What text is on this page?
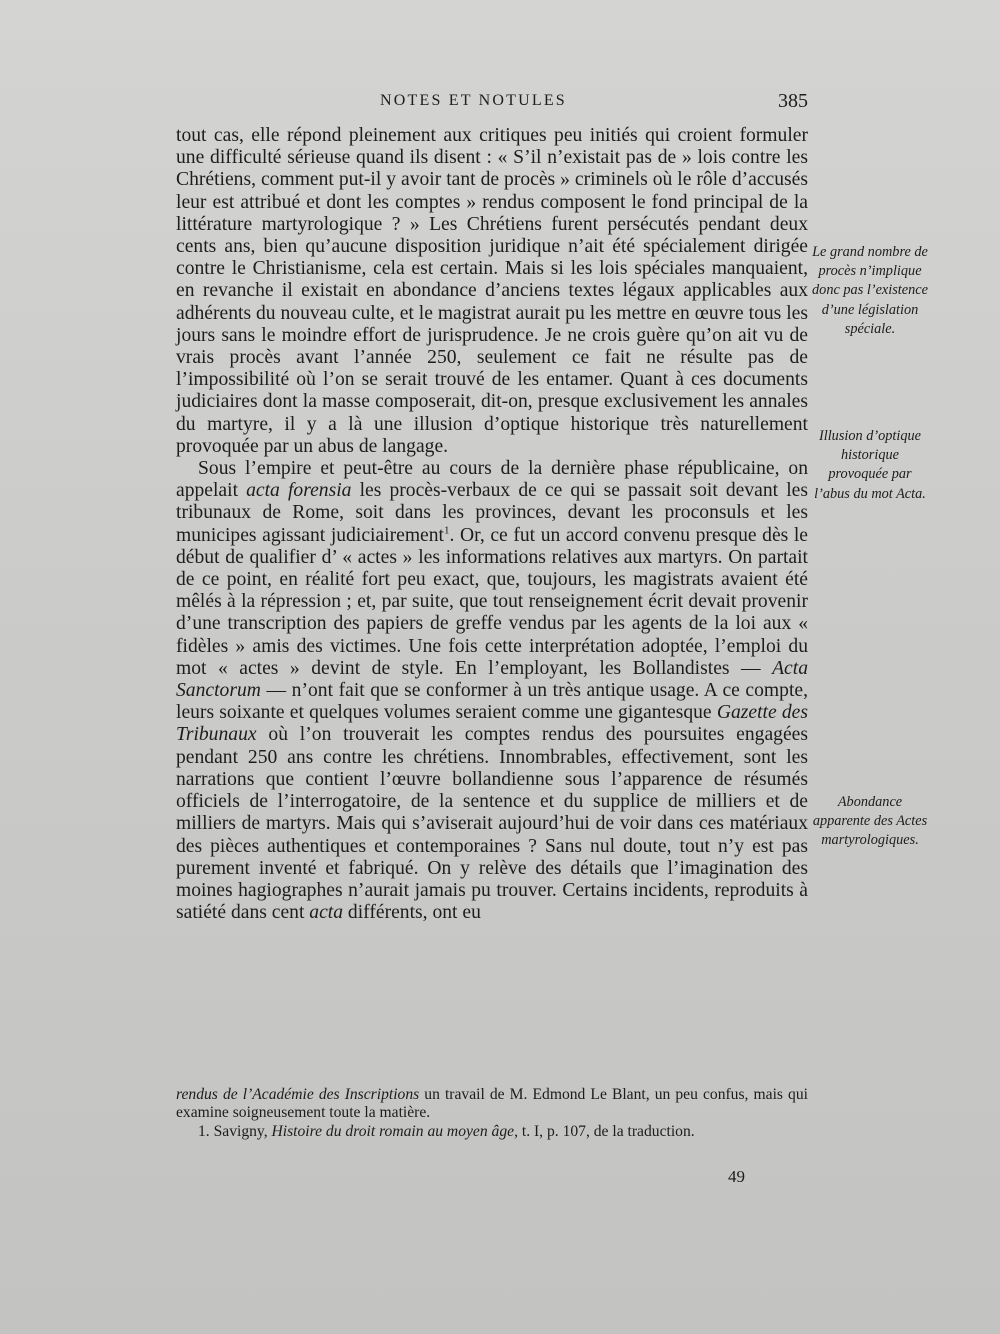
NOTES ET NOTULES	385

tout cas, elle répond pleinement aux critiques peu initiés qui croient formuler une difficulté sérieuse quand ils disent : « S’il n’existait pas de » lois contre les Chrétiens, comment put-il y avoir tant de procès » criminels où le rôle d’accusés leur est attribué et dont les comptes » rendus composent le fond principal de la littérature martyrologique ? » Les Chrétiens furent persécutés pendant deux cents ans, bien qu’aucune disposition juridique n’ait été spécialement dirigée contre le Christianisme, cela est certain. Mais si les lois spéciales manquaient, en revanche il existait en abondance d’anciens textes légaux applicables aux adhérents du nouveau culte, et le magistrat aurait pu les mettre en œuvre tous les jours sans le moindre effort de jurisprudence. Je ne crois guère qu’on ait vu de vrais procès avant l’année 250, seulement ce fait ne résulte pas de l’impossibilité où l’on se serait trouvé de les entamer. Quant à ces documents judiciaires dont la masse composerait, dit-on, presque exclusivement les annales du martyre, il y a là une illusion d’optique historique très naturellement provoquée par un abus de langage.

Sous l’empire et peut-être au cours de la dernière phase républicaine, on appelait acta forensia les procès-verbaux de ce qui se passait soit devant les tribunaux de Rome, soit dans les provinces, devant les proconsuls et les municipes agissant judiciairement$^1$. Or, ce fut un accord convenu presque dès le début de qualifier d’ « actes » les informations relatives aux martyrs. On partait de ce point, en réalité fort peu exact, que, toujours, les magistrats avaient été mêlés à la répression ; et, par suite, que tout renseignement écrit devait provenir d’une transcription des papiers de greffe vendus par les agents de la loi aux « fidèles » amis des victimes. Une fois cette interprétation adoptée, l’emploi du mot « actes » devint de style. En l’employant, les Bollandistes — Acta Sanctorum — n’ont fait que se conformer à un très antique usage. A ce compte, leurs soixante et quelques volumes seraient comme une gigantesque Gazette des Tribunaux où l’on trouverait les comptes rendus des poursuites engagées pendant 250 ans contre les chrétiens. Innombrables, effectivement, sont les narrations que contient l’œuvre bollandienne sous l’apparence de résumés officiels de l’interrogatoire, de la sentence et du supplice de milliers et de milliers de martyrs. Mais qui s’aviserait aujourd’hui de voir dans ces matériaux des pièces authentiques et contemporaines ? Sans nul doute, tout n’y est pas purement inventé et fabriqué. On y relève des détails que l’imagination des moines hagiographes n’aurait jamais pu trouver. Certains incidents, reproduits à satiété dans cent acta différents, ont eu

Le grand nombre de procès n’implique donc pas l’existence d’une législation spéciale.
Illusion d’optique historique provoquée par l’abus du mot Acta.
Abondance apparente des Actes martyrologiques.

rendus de l’Académie des Inscriptions un travail de M. Edmond Le Blant, un peu confus, mais qui examine soigneusement toute la matière.

1. Savigny, Histoire du droit romain au moyen âge, t. I, p. 107, de la traduction.

49
